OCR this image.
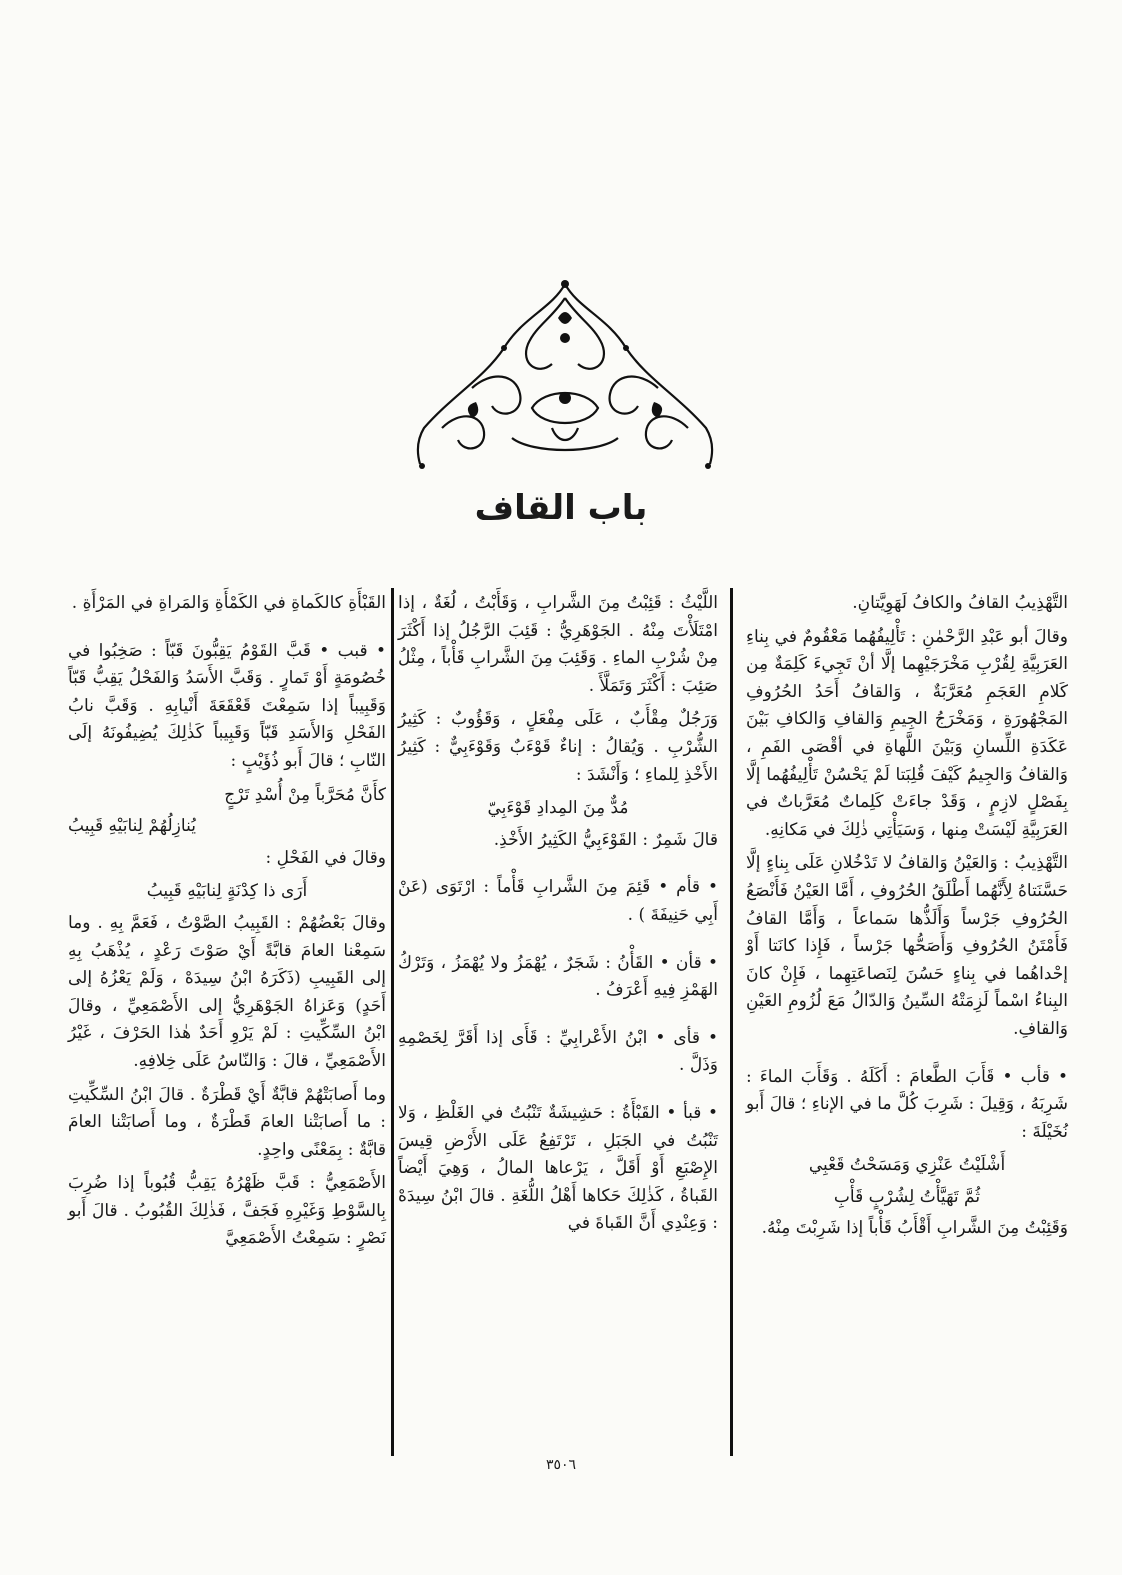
باب القاف

التَّهْذِيبُ القافُ والكافُ لَهَوِيَّتانِ.

وقالَ أبو عَبْدِ الرَّحْمٰنِ : تَأْلِيفُهُما مَعْقُومٌ في بِناءِ العَرَبِيَّةِ لِقُرْبِ مَخْرَجَيْهِما إلَّا أنْ تَجِيءَ كَلِمَةٌ مِن كَلامِ العَجَمِ مُعَرَّبَةٌ ، وَالقافُ أَحَدُ الحُرُوفِ المَجْهُورَةِ ، وَمَخْرَجُ الجِيمِ وَالقافِ وَالكافِ بَيْنَ عَكَدَةِ اللِّسانِ وَبَيْنَ اللَّهاةِ في أقْصَى الفَمِ ، وَالقافُ وَالجِيمُ كَيْفَ قُلِبَتا لَمْ يَحْسُنْ تَأْلِيفُهُما إلَّا بِفَصْلٍ لازِمٍ ، وَقَدْ جاءَتْ كَلِماتٌ مُعَرَّباتٌ في العَرَبِيَّةِ لَيْسَتْ مِنها ، وَسَيَأْتِي ذٰلِكَ في مَكانِهِ.

التَّهْذِيبُ : وَالعَيْنُ وَالقافُ لا تَدْخُلانِ عَلَى بِناءٍ إلَّا حَسَّنَتاهُ لِأَنَّهُما أَطْلَقُ الحُرُوفِ ، أَمَّا العَيْنُ فَأَنْصَعُ الحُرُوفِ جَرْساً وَأَلَذُّها سَماعاً ، وَأَمَّا القافُ فَأَمْتَنُ الحُرُوفِ وَأَصَحُّها جَرْساً ، فَإِذا كانَتا أَوْ إحْداهُما في بِناءٍ حَسُنَ لِنَصاعَتِهِما ، فَإِنْ كانَ البِناءُ اسْماً لَزِمَتْهُ السِّينُ وَالدّالُ مَعَ لُزُومِ العَيْنِ وَالقافِ.

• قأب • قَأَبَ الطَّعامَ : أَكَلَهُ . وَقَأَبَ الماءَ : شَرِبَهُ ، وَقِيلَ : شَرِبَ كُلَّ ما في الإناءِ ؛ قالَ أَبو نُخَيْلَةَ :

أَشْلَيْتُ عَنْزِي وَمَسَحْتُ قَعْبِي
ثُمَّ تَهَيَّأْتُ لِشُرْبٍ قَأْبِ

وَقَئِبْتُ مِنَ الشَّرابِ أَقْأَبُ قَأْباً إذا شَرِبْتَ مِنْهُ.

اللَّيْثُ : قَئِبْتُ مِنَ الشَّرابِ ، وَقَأَبْتُ ، لُغَةٌ ، إذا امْتَلَأْتَ مِنْهُ . الجَوْهَرِيُّ : قَئِبَ الرَّجُلُ إذا أَكْثَرَ مِنْ شُرْبِ الماءِ . وَقَئِبَ مِنَ الشَّرابِ قَأْباً ، مِثْلُ صَئِبَ : أَكْثَرَ وَتَمَلَّأَ .

وَرَجُلٌ مِقْأَبٌ ، عَلَى مِفْعَلٍ ، وَقَؤُوبٌ : كَثِيرُ الشُّرْبِ . وَيُقالُ : إناءٌ قَوْءَبٌ وَقَوْءَبِيٌّ : كَثِيرُ الأَخْذِ لِلماءِ ؛ وَأَنْشَدَ :

مُدٌّ مِنَ المِدادِ قَوْءَبِيّ

قالَ شَمِرٌ : القَوْءَبِيُّ الكَثِيرُ الأَخْذِ.

• قأم • قَئِمَ مِنَ الشَّرابِ قَأْماً : ارْتَوَى (عَنْ أَبِي حَنِيفَةَ ) .

• قأن • القَأْنُ : شَجَرٌ ، يُهْمَزُ ولا يُهْمَزُ ، وَتَرْكُ الهَمْزِ فِيهِ أَعْرَفُ .

• قأى • ابْنُ الأَعْرابِيِّ : قَأَى إذا أَقَرَّ لِخَصْمِهِ وَذَلَّ .

• قبأ • القَبْأَةُ : حَشِيشَةٌ تَنْبُتُ في الغَلْظِ ، وَلا تَنْبُتُ في الجَبَلِ ، تَرْتَفِعُ عَلَى الأَرْضِ قِيسَ الإِصْبَعِ أَوْ أَقَلَّ ، يَرْعاها المالُ ، وَهِيَ أَيْضاً القَباةُ ، كَذٰلِكَ حَكاها أَهْلُ اللُّغَةِ . قالَ ابْنُ سِيدَهْ : وَعِنْدِي أَنَّ القَباةَ في

القَبْأَةِ كالكَماةِ في الكَمْأَةِ وَالمَراةِ في المَرْأَةِ .

• قبب • قَبَّ القَوْمُ يَقِبُّونَ قَبّاً : صَخِبُوا في خُصُومَةٍ أَوْ تَمارٍ . وَقَبَّ الأَسَدُ وَالفَحْلُ يَقِبُّ قَبّاً وَقَبِيباً إذا سَمِعْتَ قَعْقَعَةَ أَنْيابِهِ . وَقَبَّ نابُ الفَحْلِ وَالأَسَدِ قَبّاً وَقَبِيباً كَذٰلِكَ يُضِيفُونَهُ إلَى النّابِ ؛ قالَ أَبو ذُؤَيْبٍ :

كأَنَّ مُحَرَّباً مِنْ أُسْدِ تَرْجٍ
يُنازِلُهُمْ لِنابَيْهِ قَبِيبُ

وقالَ في الفَحْلِ :

أَرَى ذا كِدْنَةٍ لِنابَيْهِ قَبِيبُ

وقالَ بَعْضُهُمْ : القَبِيبُ الصَّوْتُ ، فَعَمَّ بِهِ . وما سَمِعْنا العامَ قابَّةً أَيْ صَوْتَ رَعْدٍ ، يُذْهَبُ بِهِ إلى القَبِيبِ (ذَكَرَهُ ابْنُ سِيدَهْ ، وَلَمْ يَعْزُهُ إلى أَحَدٍ) وَعَزاهُ الجَوْهَرِيُّ إلى الأَصْمَعِيِّ ، وقالَ ابْنُ السِّكِّيتِ : لَمْ يَرْوِ أَحَدٌ هٰذا الحَرْفَ ، غَيْرُ الأَصْمَعِيِّ ، قالَ : وَالنّاسُ عَلَى خِلافِهِ.

وما أَصابَتْهُمْ قابَّةٌ أَيْ قَطْرَةٌ . قالَ ابْنُ السِّكِّيتِ : ما أَصابَتْنا العامَ قَطْرَةٌ ، وما أَصابَتْنا العامَ قابَّةٌ : بِمَعْنًى واحِدٍ.

الأَصْمَعِيُّ : قَبَّ ظَهْرُهُ يَقِبُّ قُبُوباً إذا ضُرِبَ بِالسَّوْطِ وَغَيْرِهِ فَجَفَّ ، فَذٰلِكَ القُبُوبُ . قالَ أَبو نَصْرٍ : سَمِعْتُ الأَصْمَعِيَّ

٣٥٠٦
